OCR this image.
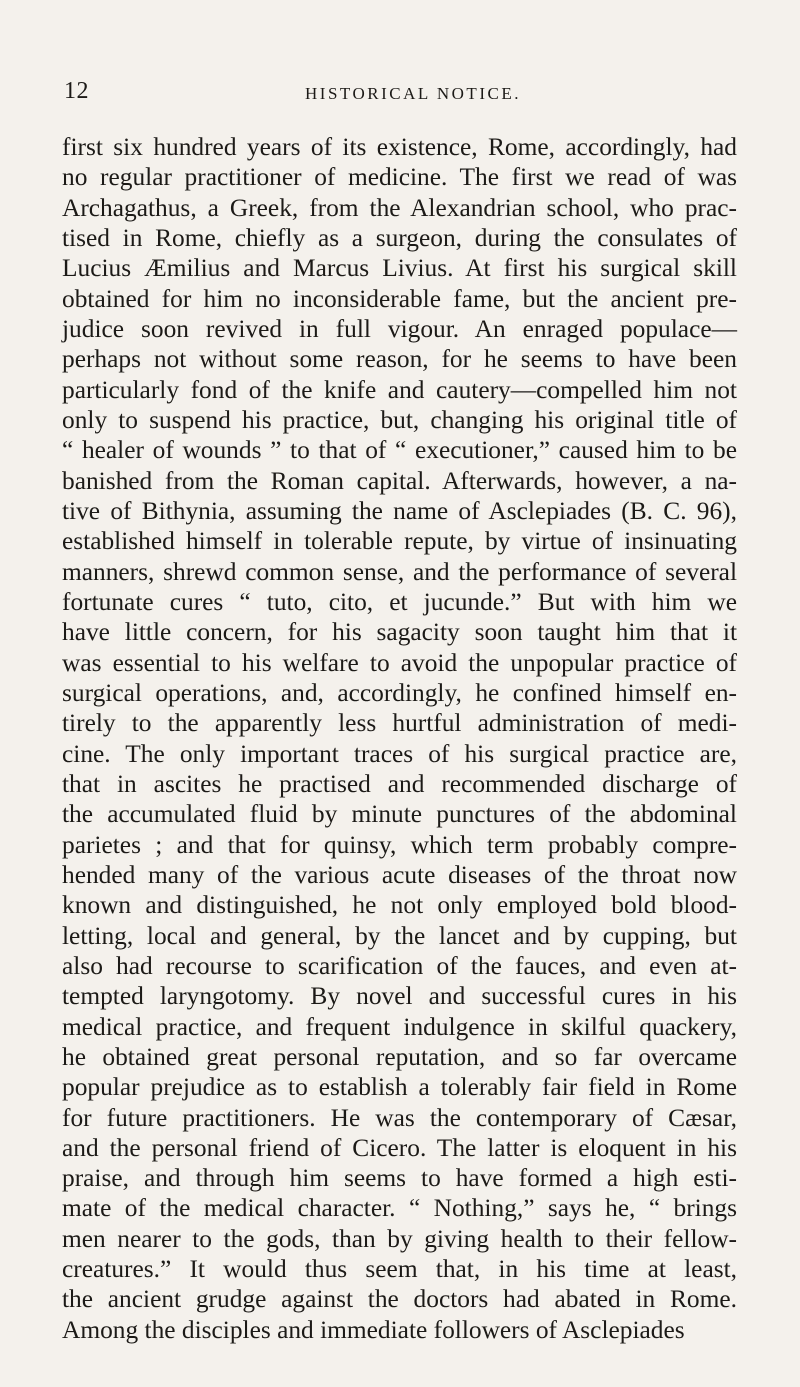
12	HISTORICAL NOTICE.
first six hundred years of its existence, Rome, accordingly, had
no regular practitioner of medicine. The first we read of was
Archagathus, a Greek, from the Alexandrian school, who prac-
tised in Rome, chiefly as a surgeon, during the consulates of
Lucius Æmilius and Marcus Livius. At first his surgical skill
obtained for him no inconsiderable fame, but the ancient pre-
judice soon revived in full vigour. An enraged populace—
perhaps not without some reason, for he seems to have been
particularly fond of the knife and cautery—compelled him not
only to suspend his practice, but, changing his original title of
“ healer of wounds ” to that of “ executioner,” caused him to be
banished from the Roman capital. Afterwards, however, a na-
tive of Bithynia, assuming the name of Asclepiades (B. C. 96),
established himself in tolerable repute, by virtue of insinuating
manners, shrewd common sense, and the performance of several
fortunate cures “ tuto, cito, et jucunde.” But with him we
have little concern, for his sagacity soon taught him that it
was essential to his welfare to avoid the unpopular practice of
surgical operations, and, accordingly, he confined himself en-
tirely to the apparently less hurtful administration of medi-
cine. The only important traces of his surgical practice are,
that in ascites he practised and recommended discharge of
the accumulated fluid by minute punctures of the abdominal
parietes ; and that for quinsy, which term probably compre-
hended many of the various acute diseases of the throat now
known and distinguished, he not only employed bold blood-
letting, local and general, by the lancet and by cupping, but
also had recourse to scarification of the fauces, and even at-
tempted laryngotomy. By novel and successful cures in his
medical practice, and frequent indulgence in skilful quackery,
he obtained great personal reputation, and so far overcame
popular prejudice as to establish a tolerably fair field in Rome
for future practitioners. He was the contemporary of Cæsar,
and the personal friend of Cicero. The latter is eloquent in his
praise, and through him seems to have formed a high esti-
mate of the medical character. “ Nothing,” says he, “ brings
men nearer to the gods, than by giving health to their fellow-
creatures.” It would thus seem that, in his time at least,
the ancient grudge against the doctors had abated in Rome.
Among the disciples and immediate followers of Asclepiades
